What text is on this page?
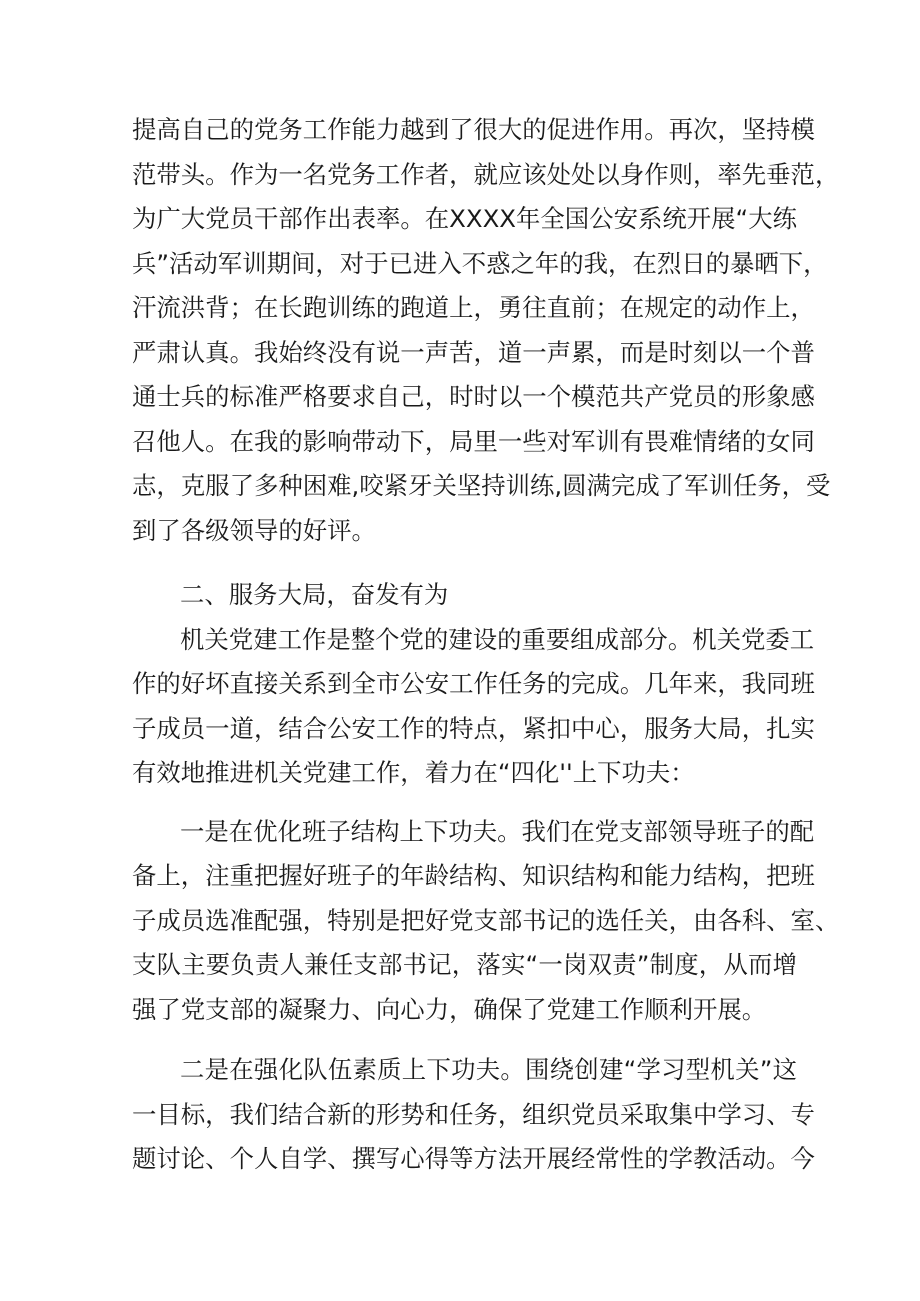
提高自己的党务工作能力越到了很大的促进作用。再次，坚持模
范带头。作为一名党务工作者，就应该处处以身作则，率先垂范，
为广大党员干部作出表率。在XXXX年全国公安系统开展“大练
兵”活动军训期间，对于已进入不惑之年的我，在烈日的暴晒下，
汗流洪背；在长跑训练的跑道上，勇往直前；在规定的动作上，
严肃认真。我始终没有说一声苦，道一声累，而是时刻以一个普
通士兵的标准严格要求自己，时时以一个模范共产党员的形象感
召他人。在我的影响带动下，局里一些对军训有畏难情绪的女同
志，克服了多种困难,咬紧牙关坚持训练,圆满完成了军训任务，受
到了各级领导的好评。
二、服务大局，奋发有为
机关党建工作是整个党的建设的重要组成部分。机关党委工
作的好坏直接关系到全市公安工作任务的完成。几年来，我同班
子成员一道，结合公安工作的特点，紧扣中心，服务大局，扎实
有效地推进机关党建工作，着力在“四化''上下功夫：
一是在优化班子结构上下功夫。我们在党支部领导班子的配
备上，注重把握好班子的年龄结构、知识结构和能力结构，把班
子成员选准配强，特别是把好党支部书记的选任关，由各科、室、
支队主要负责人兼任支部书记，落实“一岗双责”制度，从而增
强了党支部的凝聚力、向心力，确保了党建工作顺利开展。
二是在强化队伍素质上下功夫。围绕创建“学习型机关”这
一目标，我们结合新的形势和任务，组织党员采取集中学习、专
题讨论、个人自学、撰写心得等方法开展经常性的学教活动。今
